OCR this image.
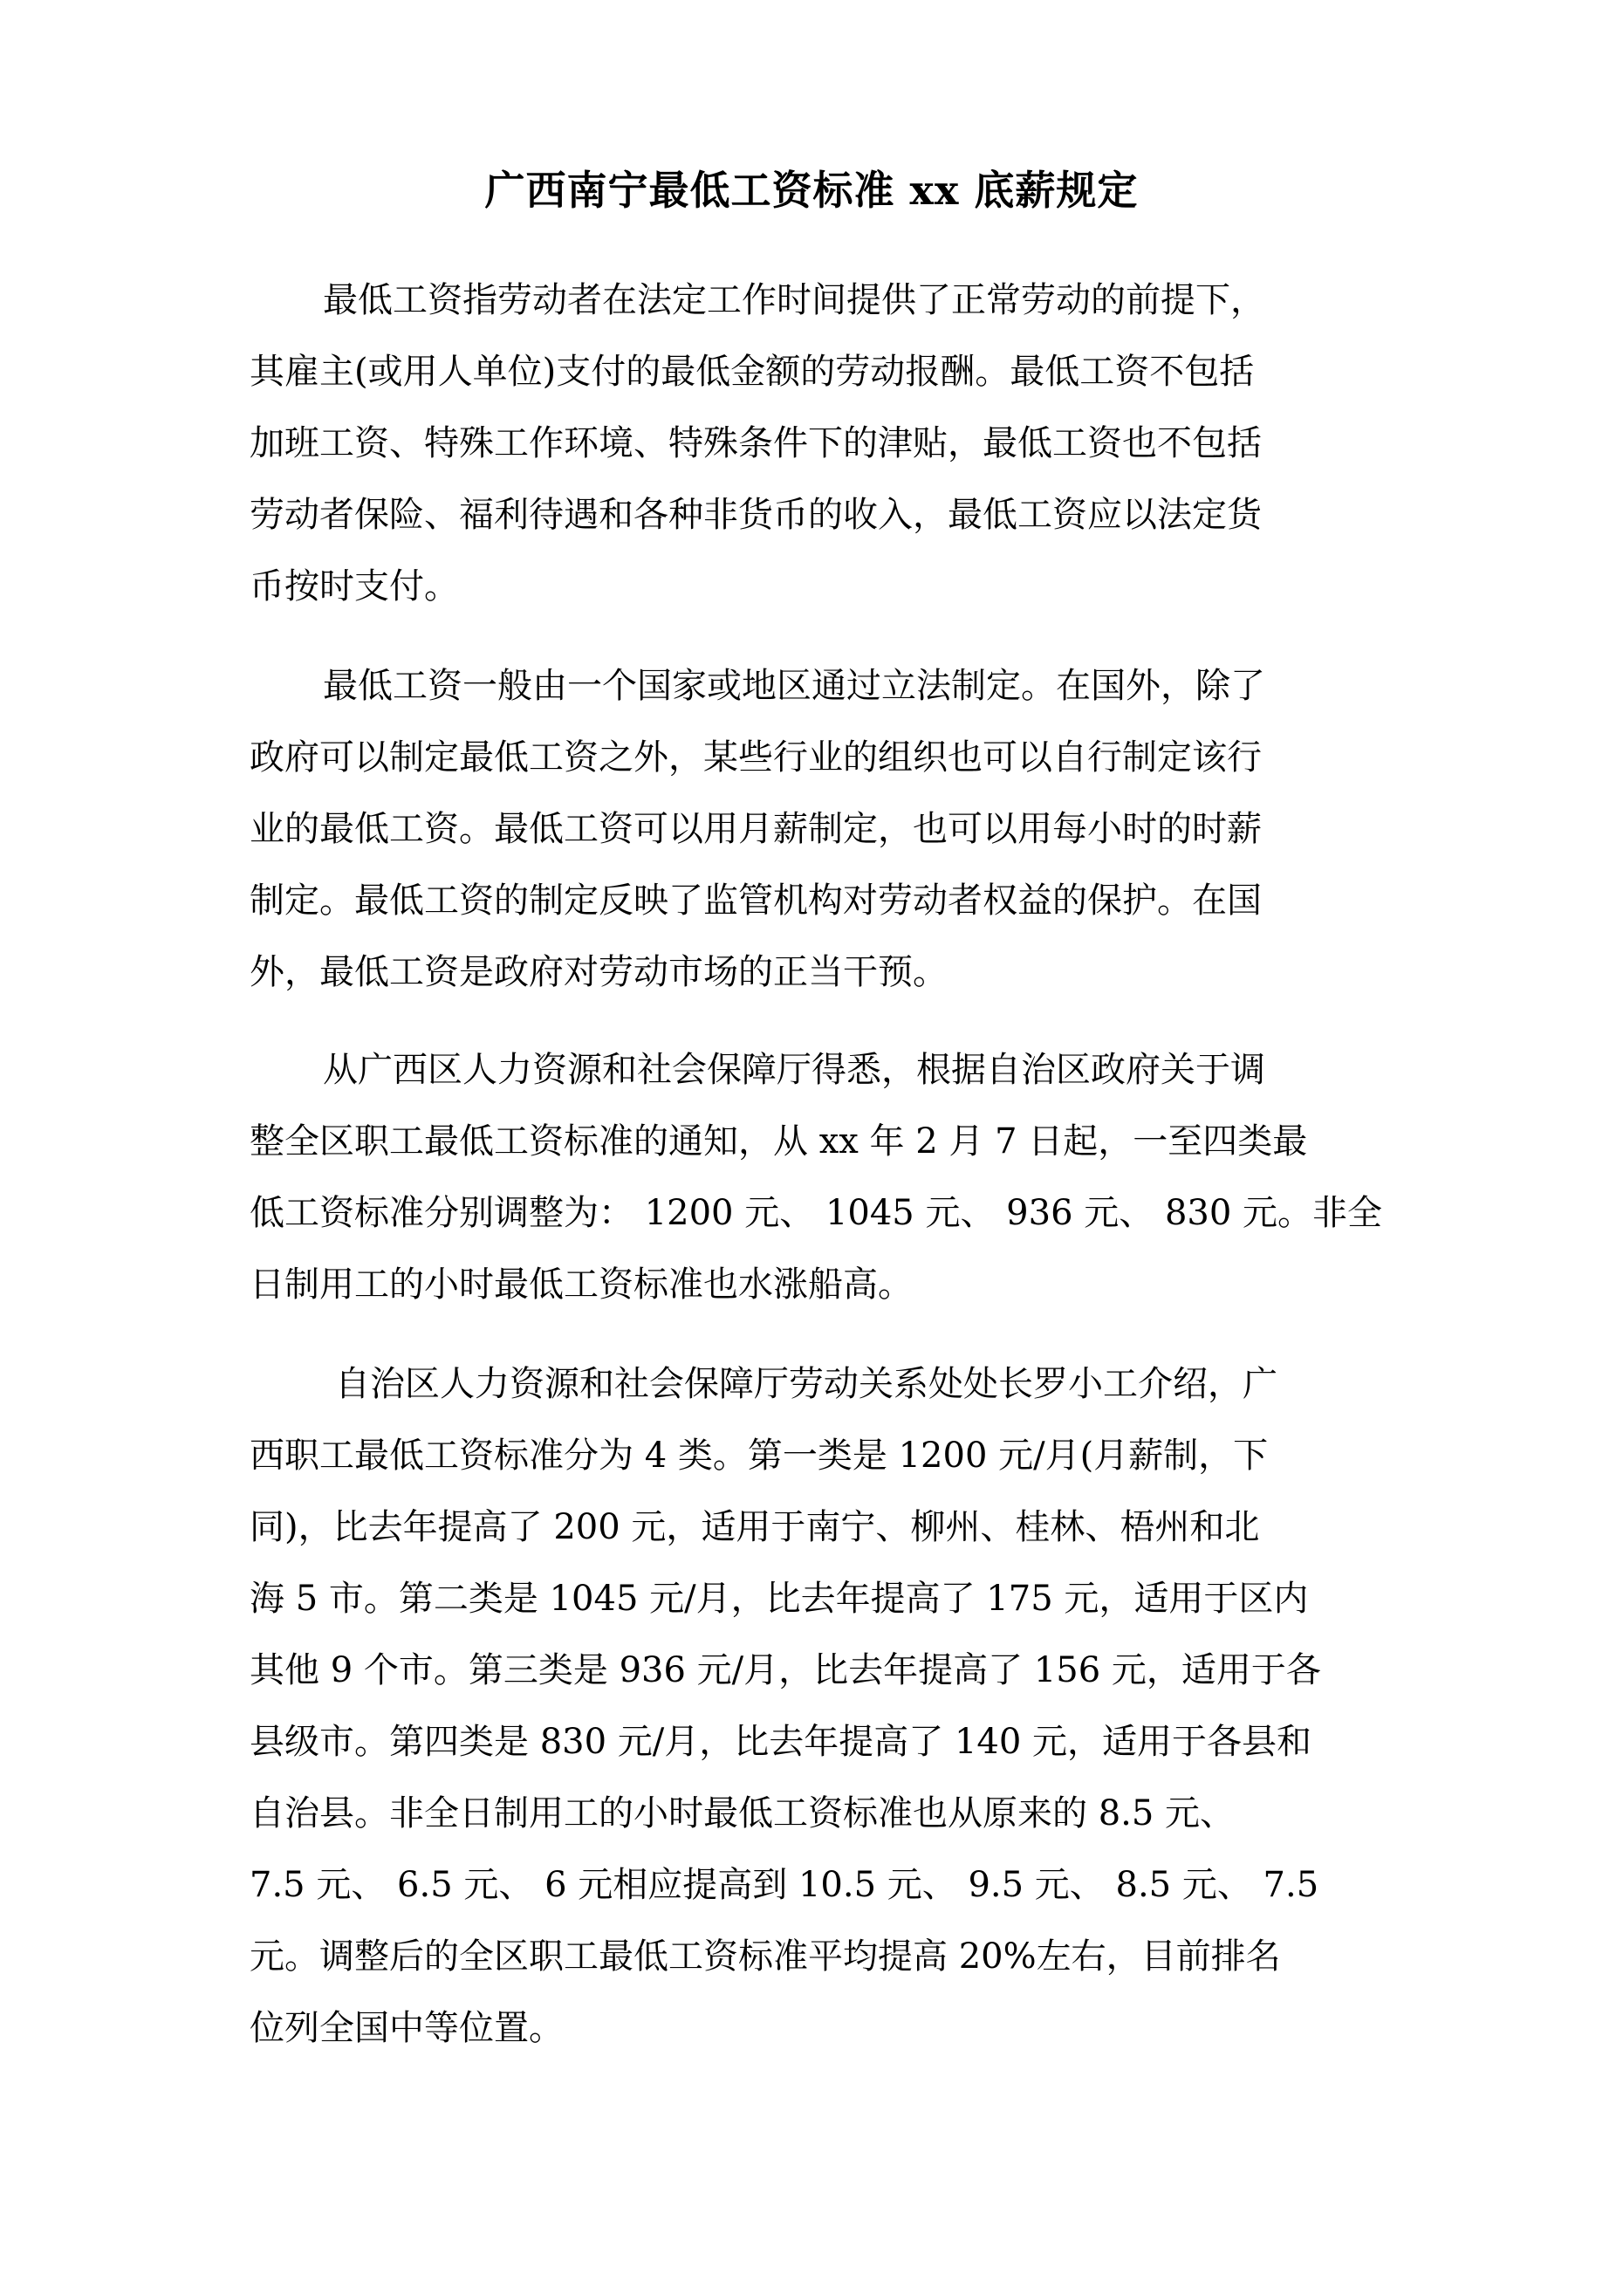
广西南宁最低工资标准 xx 底薪规定
最低工资指劳动者在法定工作时间提供了正常劳动的前提下，
其雇主(或用人单位)支付的最低金额的劳动报酬。最低工资不包括
加班工资、特殊工作环境、特殊条件下的津贴，最低工资也不包括
劳动者保险、福利待遇和各种非货币的收入，最低工资应以法定货
币按时支付。
最低工资一般由一个国家或地区通过立法制定。在国外，除了
政府可以制定最低工资之外，某些行业的组织也可以自行制定该行
业的最低工资。最低工资可以用月薪制定，也可以用每小时的时薪
制定。最低工资的制定反映了监管机构对劳动者权益的保护。在国
外，最低工资是政府对劳动市场的正当干预。
从广西区人力资源和社会保障厅得悉，根据自治区政府关于调
整全区职工最低工资标准的通知，从 xx 年 2 月 7 日起，一至四类最
低工资标准分别调整为： 1200 元、 1045 元、 936 元、 830 元。非全
日制用工的小时最低工资标准也水涨船高。
自治区人力资源和社会保障厅劳动关系处处长罗小工介绍，广
西职工最低工资标准分为 4 类。第一类是 1200 元/月(月薪制，下
同)，比去年提高了 200 元，适用于南宁、柳州、桂林、梧州和北
海 5 市。第二类是 1045 元/月，比去年提高了 175 元，适用于区内
其他 9 个市。第三类是 936 元/月，比去年提高了 156 元，适用于各
县级市。第四类是 830 元/月，比去年提高了 140 元，适用于各县和
自治县。非全日制用工的小时最低工资标准也从原来的 8.5 元、
7.5 元、 6.5 元、 6 元相应提高到 10.5 元、 9.5 元、 8.5 元、 7.5
元。调整后的全区职工最低工资标准平均提高 20%左右，目前排名
位列全国中等位置。
